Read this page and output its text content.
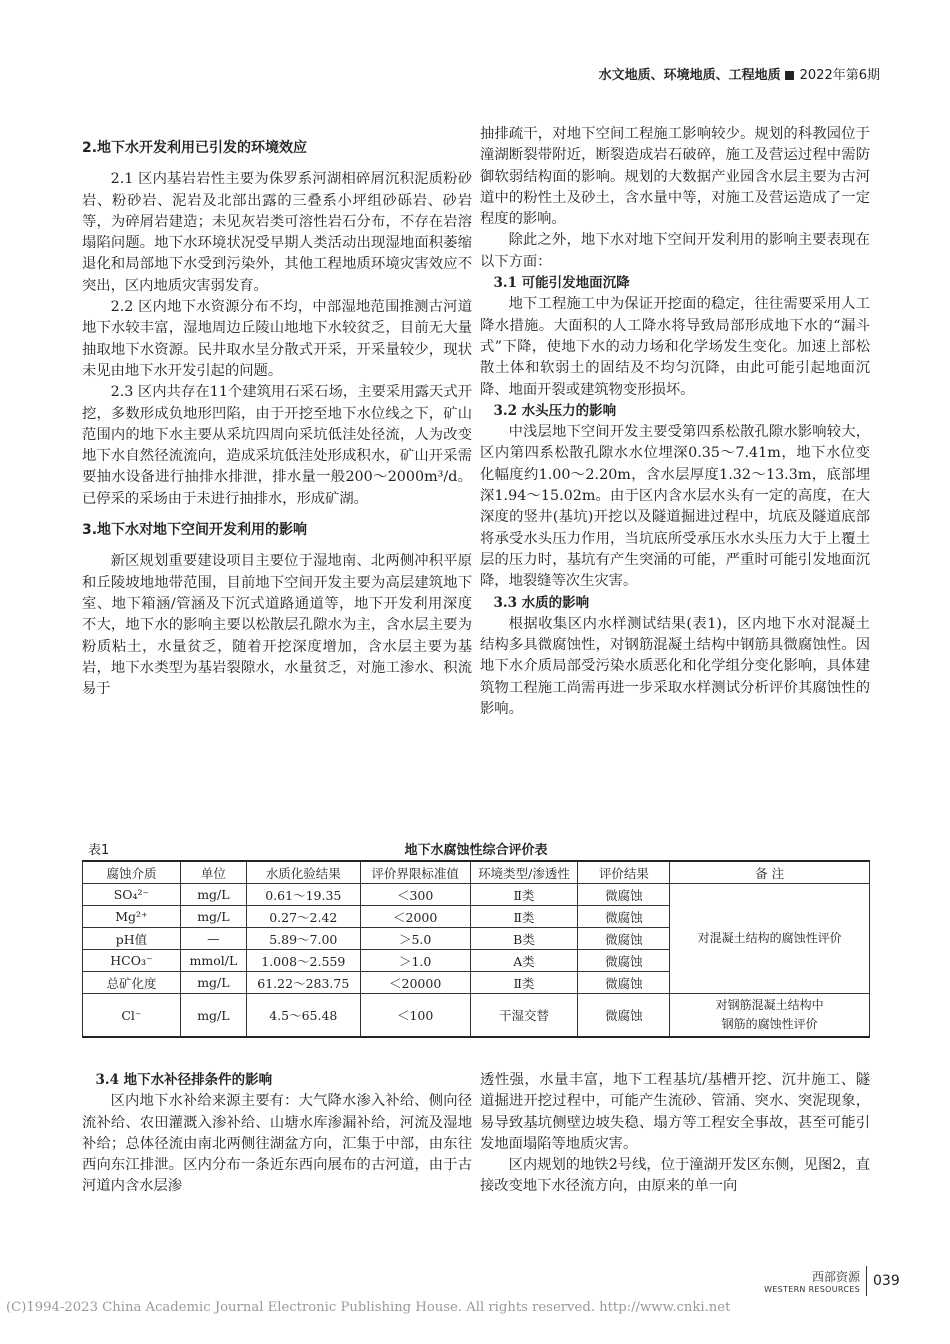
水文地质、环境地质、工程地质 2022年第6期

2.地下水开发利用已引发的环境效应

2.1 区内基岩岩性主要为侏罗系河湖相碎屑沉积泥质粉砂岩、粉砂岩、泥岩及北部出露的三叠系小坪组砂砾岩、砂岩等，为碎屑岩建造；未见灰岩类可溶性岩石分布，不存在岩溶塌陷问题。地下水环境状况受早期人类活动出现湿地面积萎缩退化和局部地下水受到污染外，其他工程地质环境灾害效应不突出，区内地质灾害弱发育。

2.2 区内地下水资源分布不均，中部湿地范围推测古河道地下水较丰富，湿地周边丘陵山地地下水较贫乏，目前无大量抽取地下水资源。民井取水呈分散式开采，开采量较少，现状未见由地下水开发引起的问题。

2.3 区内共存在11个建筑用石采石场，主要采用露天式开挖，多数形成负地形凹陷，由于开挖至地下水位线之下，矿山范围内的地下水主要从采坑四周向采坑低洼处径流，人为改变地下水自然径流流向，造成采坑低洼处形成积水，矿山开采需要抽水设备进行抽排水排泄，排水量一般200～2000m³/d。已停采的采场由于未进行抽排水，形成矿湖。

3.地下水对地下空间开发利用的影响

新区规划重要建设项目主要位于湿地南、北两侧冲积平原和丘陵坡地地带范围，目前地下空间开发主要为高层建筑地下室、地下箱涵/管涵及下沉式道路通道等，地下开发利用深度不大，地下水的影响主要以松散层孔隙水为主，含水层主要为粉质粘土，水量贫乏，随着开挖深度增加，含水层主要为基岩，地下水类型为基岩裂隙水，水量贫乏，对施工渗水、积流易于

抽排疏干，对地下空间工程施工影响较少。规划的科教园位于潼湖断裂带附近，断裂造成岩石破碎，施工及营运过程中需防御软弱结构面的影响。规划的大数据产业园含水层主要为古河道中的粉性土及砂土，含水量中等，对施工及营运造成了一定程度的影响。

除此之外，地下水对地下空间开发利用的影响主要表现在以下方面：

3.1 可能引发地面沉降

地下工程施工中为保证开挖面的稳定，往往需要采用人工降水措施。大面积的人工降水将导致局部形成地下水的“漏斗式”下降，使地下水的动力场和化学场发生变化。加速上部松散土体和软弱土的固结及不均匀沉降，由此可能引起地面沉降、地面开裂或建筑物变形损坏。

3.2 水头压力的影响

中浅层地下空间开发主要受第四系松散孔隙水影响较大，区内第四系松散孔隙水水位埋深0.35～7.41m，地下水位变化幅度约1.00～2.20m，含水层厚度1.32～13.3m，底部埋深1.94～15.02m。由于区内含水层水头有一定的高度，在大深度的竖井(基坑)开挖以及隧道掘进过程中，坑底及隧道底部将承受水头压力作用，当坑底所受承压水水头压力大于上覆土层的压力时，基坑有产生突涌的可能，严重时可能引发地面沉降，地裂缝等次生灾害。

3.3 水质的影响

根据收集区内水样测试结果(表1)，区内地下水对混凝土结构多具微腐蚀性，对钢筋混凝土结构中钢筋具微腐蚀性。因地下水介质局部受污染水质恶化和化学组分变化影响，具体建筑物工程施工尚需再进一步采取水样测试分析评价其腐蚀性的影响。

地下水腐蚀性综合评价表
表1
腐蚀介质	单位	水质化验结果	评价界限标准值	环境类型/渗透性	评价结果	备 注
SO₄²⁻	mg/L	0.61～19.35	＜300	Ⅱ类	微腐蚀	对混凝土结构的腐蚀性评价
Mg²⁺	mg/L	0.27～2.42	＜2000	Ⅱ类	微腐蚀	
pH值	—	5.89～7.00	＞5.0	B类	微腐蚀	
HCO₃⁻	mmol/L	1.008～2.559	＞1.0	A类	微腐蚀	
总矿化度	mg/L	61.22～283.75	＜20000	Ⅱ类	微腐蚀	
Cl⁻	mg/L	4.5～65.48	＜100	干湿交替	微腐蚀	对钢筋混凝土结构中
钢筋的腐蚀性评价

3.4 地下水补径排条件的影响

区内地下水补给来源主要有：大气降水渗入补给、侧向径流补给、农田灌溉入渗补给、山塘水库渗漏补给，河流及湿地补给；总体径流由南北两侧往湖盆方向，汇集于中部，由东往西向东江排泄。区内分布一条近东西向展布的古河道，由于古河道内含水层渗

透性强，水量丰富，地下工程基坑/基槽开挖、沉井施工、隧道掘进开挖过程中，可能产生流砂、管涌、突水、突泥现象，易导致基坑侧壁边坡失稳、塌方等工程安全事故，甚至可能引发地面塌陷等地质灾害。

区内规划的地铁2号线，位于潼湖开发区东侧，见图2，直接改变地下水径流方向，由原来的单一向

西部资源
WESTERN RESOURCES
039
(C)1994-2023 China Academic Journal Electronic Publishing House. All rights reserved. http://www.cnki.net
